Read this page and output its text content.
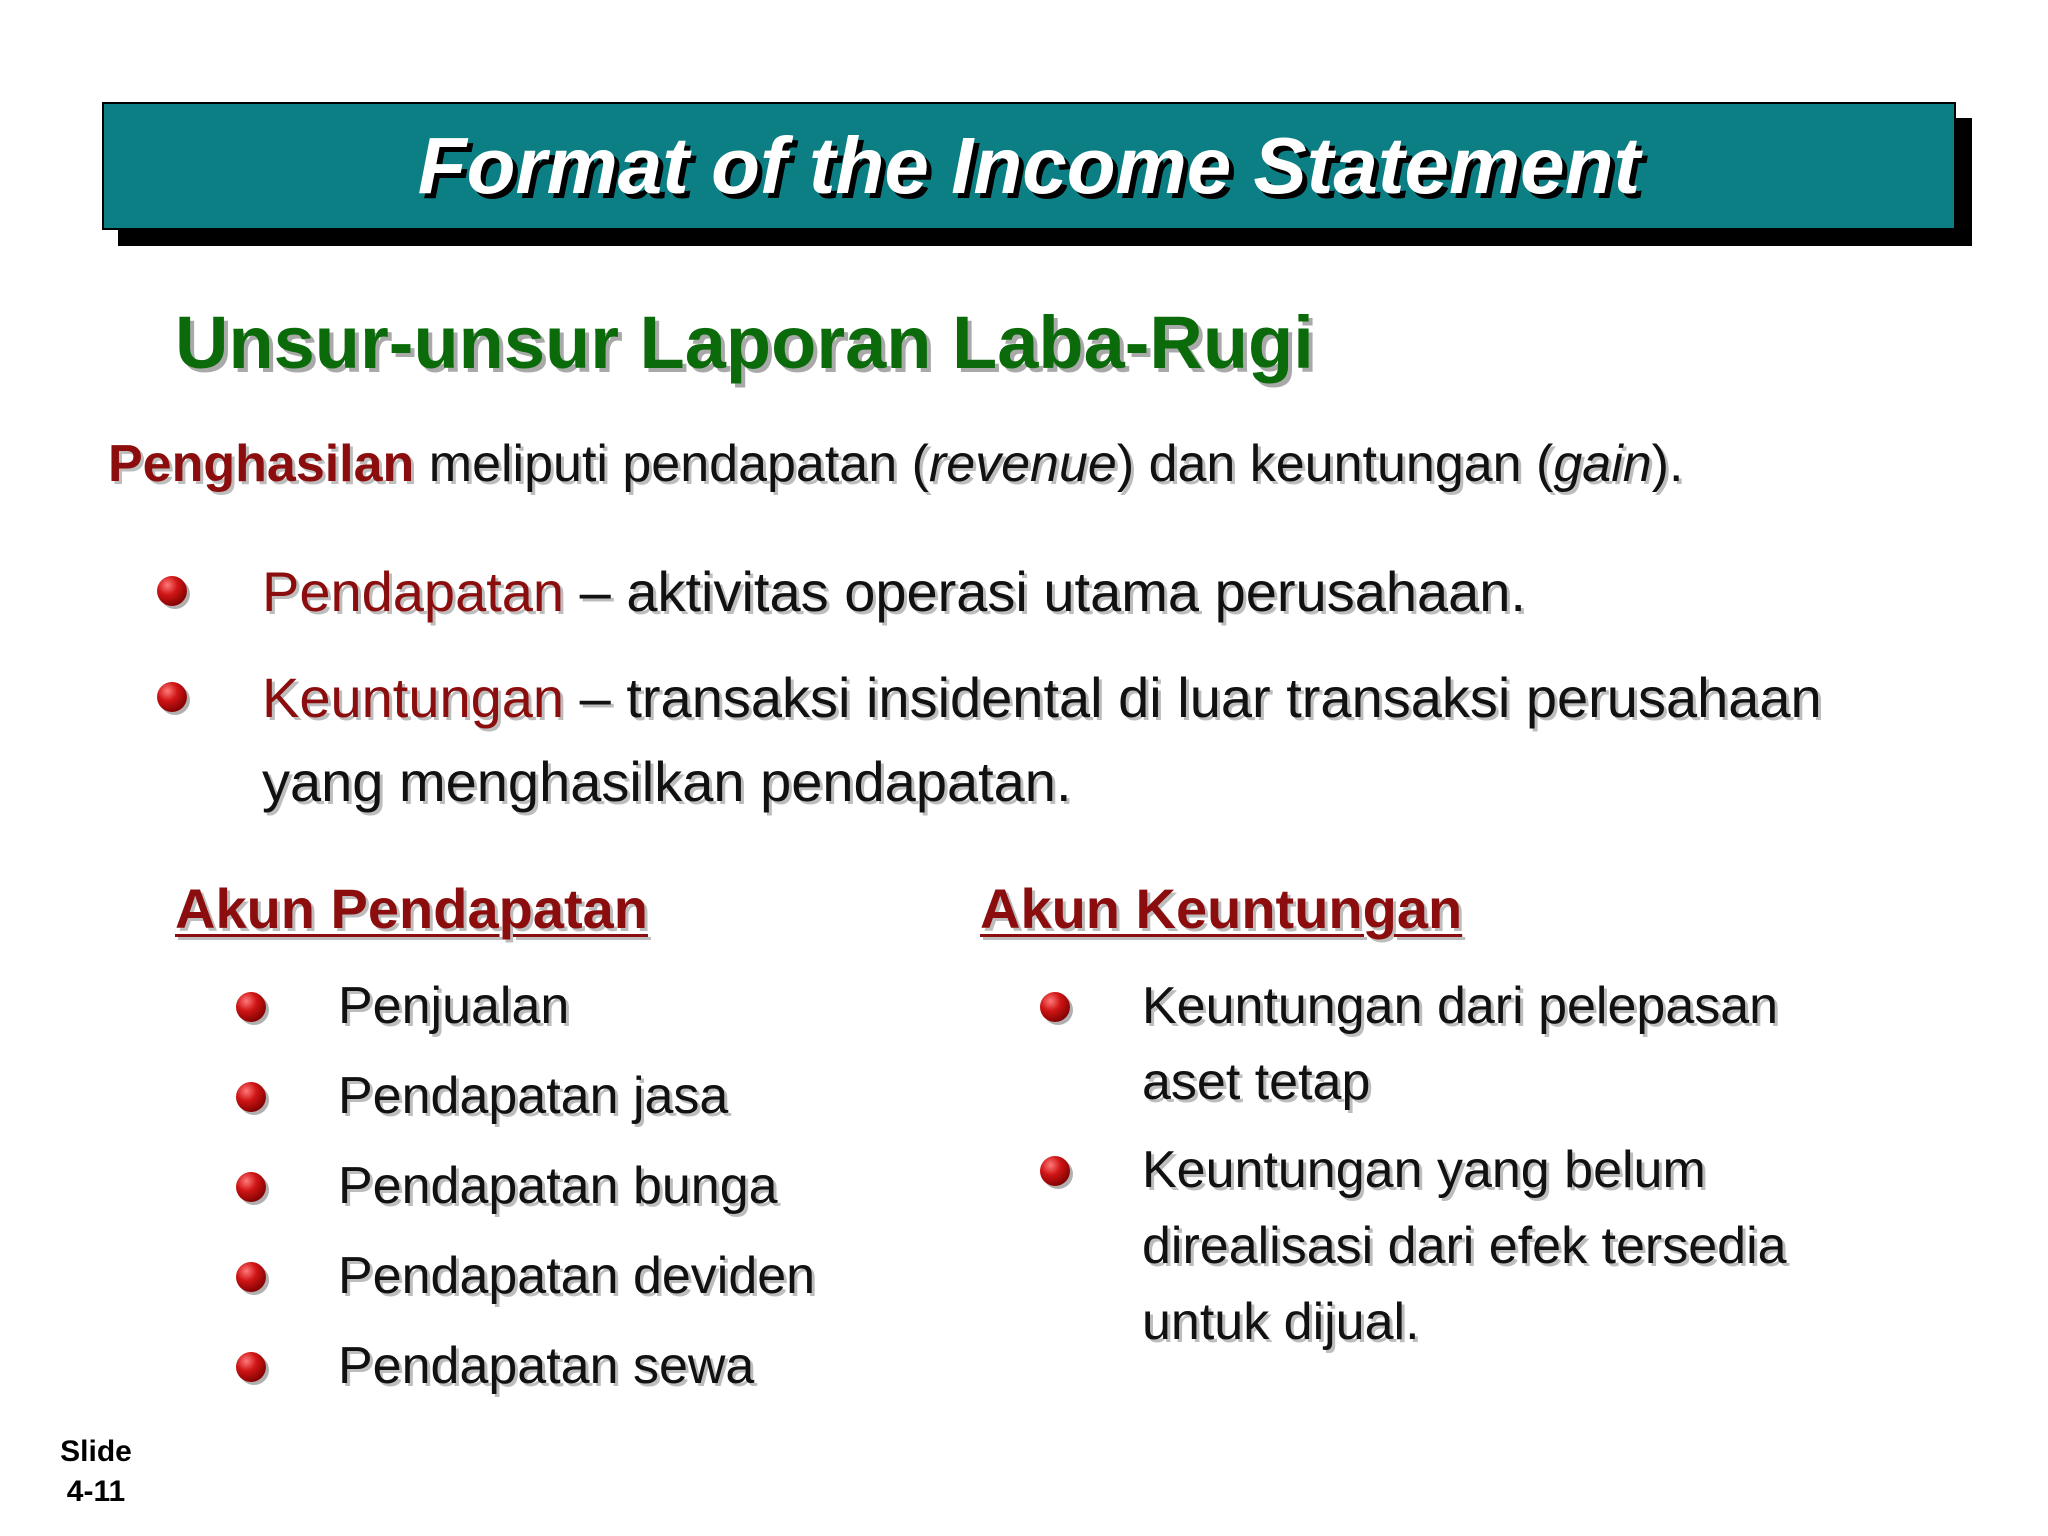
Format of the Income Statement
Unsur-unsur Laporan Laba-Rugi
Penghasilan meliputi pendapatan (revenue) dan keuntungan (gain).
Pendapatan – aktivitas operasi utama perusahaan.
Keuntungan – transaksi insidental di luar transaksi perusahaan
yang menghasilkan pendapatan.
Akun Pendapatan
Penjualan
Pendapatan jasa
Pendapatan bunga
Pendapatan deviden
Pendapatan sewa
Akun Keuntungan
Keuntungan dari pelepasan
aset tetap
Keuntungan yang belum
direalisasi dari efek tersedia
untuk dijual.
Slide
4-11
